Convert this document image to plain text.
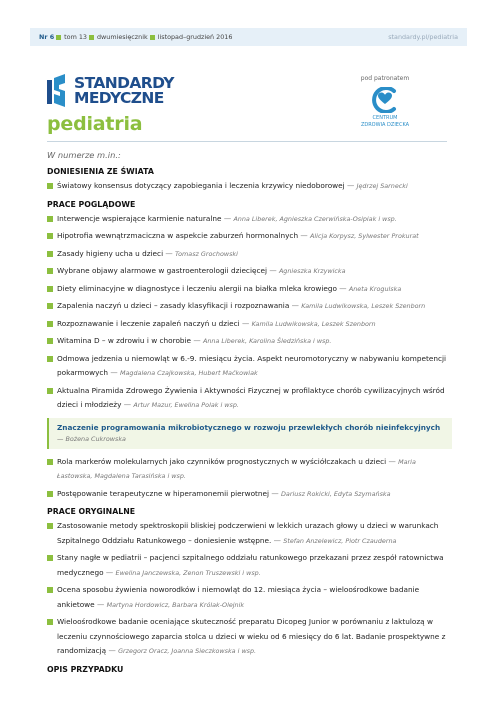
Nr 6 tom 13 dwumiesięcznik listopad–grudzień 2016	standardy.pl/pediatria
STANDARDY
MEDYCZNE
pediatria
pod patronatem
CENTRUM
ZDROWIA DZIECKA
W numerze m.in.:
DONIESIENIA ZE ŚWIATA
Światowy konsensus dotyczący zapobiegania i leczenia krzywicy niedoborowej — Jędrzej Sarnecki
PRACE POGLĄDOWE
Interwencje wspierające karmienie naturalne — Anna Liberek, Agnieszka Czerwińska-Osipiak i wsp.
Hipotrofia wewnątrzmaciczna w aspekcie zaburzeń hormonalnych — Alicja Korpysz, Sylwester Prokurat
Zasady higieny ucha u dzieci — Tomasz Grochowski
Wybrane objawy alarmowe w gastroenterologii dziecięcej — Agnieszka Krzywicka
Diety eliminacyjne w diagnostyce i leczeniu alergii na białka mleka krowiego — Aneta Krogulska
Zapalenia naczyń u dzieci – zasady klasyfikacji i rozpoznawania — Kamila Ludwikowska, Leszek Szenborn
Rozpoznawanie i leczenie zapaleń naczyń u dzieci — Kamila Ludwikowska, Leszek Szenborn
Witamina D – w zdrowiu i w chorobie — Anna Liberek, Karolina Śledzińska i wsp.
Odmowa jedzenia u niemowląt w 6.-9. miesiącu życia. Aspekt neuromotoryczny w nabywaniu kompetencji pokarmowych — Magdalena Czajkowska, Hubert Maćkowiak
Aktualna Piramida Zdrowego Żywienia i Aktywności Fizycznej w profilaktyce chorób cywilizacyjnych wśród dzieci i młodzieży — Artur Mazur, Ewelina Polak i wsp.
Znaczenie programowania mikrobiotycznego w rozwoju przewlekłych chorób nieinfekcyjnych
— Bożena Cukrowska
Rola markerów molekularnych jako czynników prognostycznych w wyściółczakach u dzieci — Maria Łastowska, Magdalena Tarasińska i wsp.
Postępowanie terapeutyczne w hiperamonemii pierwotnej — Dariusz Rokicki, Edyta Szymańska
PRACE ORYGINALNE
Zastosowanie metody spektroskopii bliskiej podczerwieni w lekkich urazach głowy u dzieci w warunkach Szpitalnego Oddziału Ratunkowego – doniesienie wstępne. — Stefan Anzelewicz, Piotr Czauderna
Stany nagłe w pediatrii – pacjenci szpitalnego oddziału ratunkowego przekazani przez zespół ratownictwa medycznego — Ewelina Janczewska, Zenon Truszewski i wsp.
Ocena sposobu żywienia noworodków i niemowląt do 12. miesiąca życia – wieloośrodkowe badanie ankietowe — Martyna Hordowicz, Barbara Królak-Olejnik
Wieloośrodkowe badanie oceniające skuteczność preparatu Dicopeg Junior w porównaniu z laktulozą w leczeniu czynnościowego zaparcia stolca u dzieci w wieku od 6 miesięcy do 6 lat. Badanie prospektywne z randomizacją — Grzegorz Oracz, Joanna Sieczkowska i wsp.
OPIS PRZYPADKU
